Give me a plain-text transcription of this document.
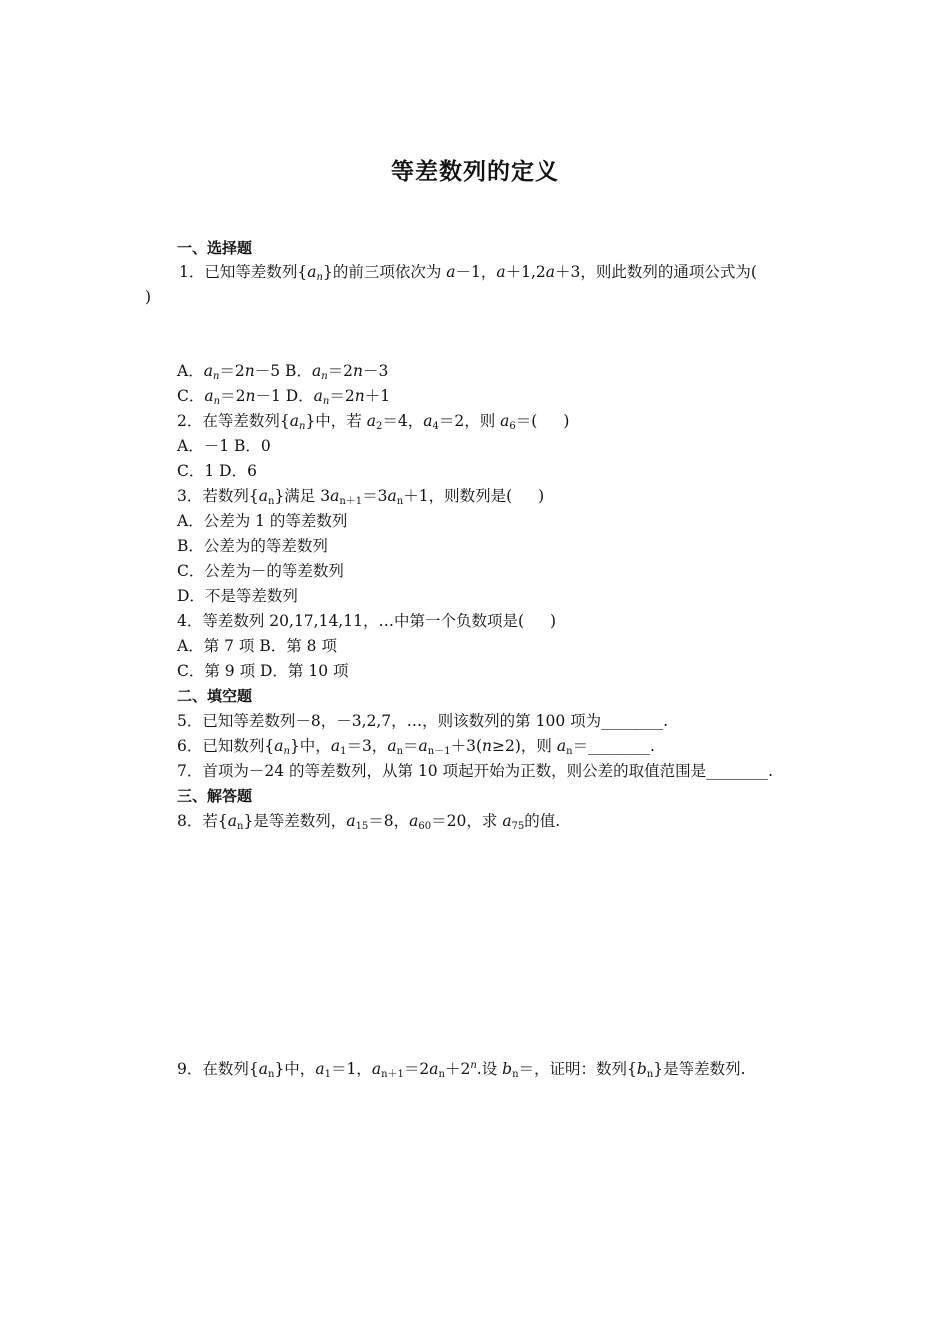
等差数列的定义
一、选择题
1．已知等差数列$\{a_n\}$的前三项依次为 a－1，a＋1,2a＋3，则此数列的通项公式为(
)
A．$a_n=2n-5$ B．$a_n=2n-3$
C．$a_n=2n-1$ D．$a_n=2n+1$
2．在等差数列$\{a_n\}$中，若 $a_2=4$，$a_4=2$，则 $a_6=$( )
A．－1 B．0
C．1 D．6
3．若数列$\{a_n\}$满足 $3a_{n+1}=3a_n+1$，则数列是( )
A．公差为 1 的等差数列
B．公差为的等差数列
C．公差为－的等差数列
D．不是等差数列
4．等差数列 20,17,14,11，…中第一个负数项是( )
A．第 7 项 B．第 8 项
C．第 9 项 D．第 10 项
二、填空题
5．已知等差数列－8，－3,2,7，…，则该数列的第 100 项为________.
6．已知数列$\{a_n\}$中，$a_1=3$，$a_n=a_{n-1}+3(n\ge 2)$，则 $a_n=\_\_\_\_\_\_\_\_$.
7．首项为－24 的等差数列，从第 10 项起开始为正数，则公差的取值范围是________.
三、解答题
8．若$\{a_n\}$是等差数列，$a_{15}=8$，$a_{60}=20$，求 $a_{75}$的值.
9．在数列$\{a_n\}$中，$a_1=1$，$a_{n+1}=2a_n+2^n$.设 $b_n=$，证明：数列$\{b_n\}$是等差数列.
